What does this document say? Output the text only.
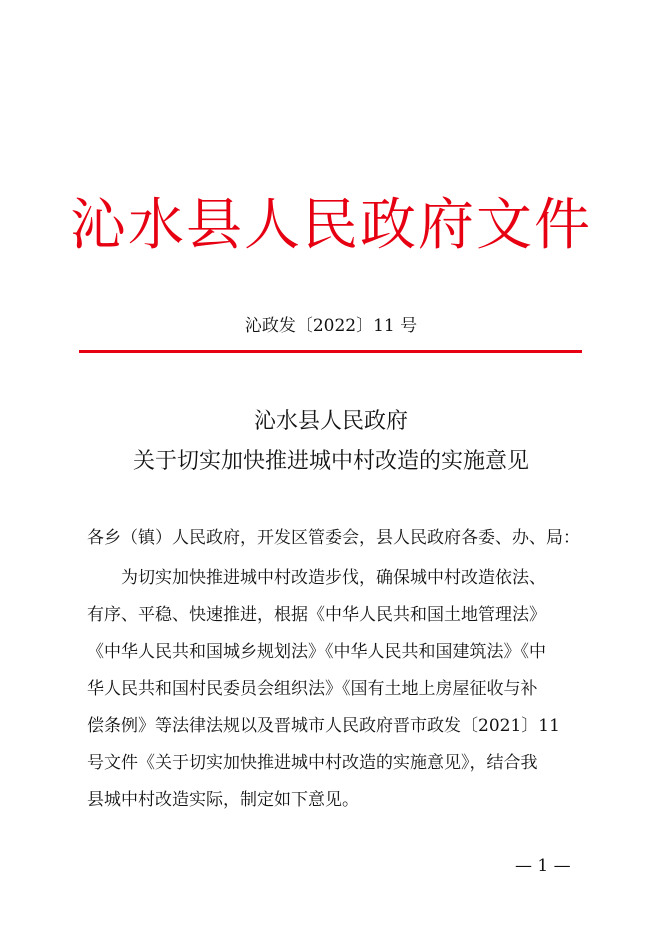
沁水县人民政府文件
沁政发〔2022〕11 号
沁水县人民政府
关于切实加快推进城中村改造的实施意见
各乡（镇）人民政府，开发区管委会，县人民政府各委、办、局：
为切实加快推进城中村改造步伐，确保城中村改造依法、
有序、平稳、快速推进，根据《中华人民共和国土地管理法》
《中华人民共和国城乡规划法》《中华人民共和国建筑法》《中
华人民共和国村民委员会组织法》《国有土地上房屋征收与补
偿条例》等法律法规以及晋城市人民政府晋市政发〔2021〕11
号文件《关于切实加快推进城中村改造的实施意见》，结合我
县城中村改造实际，制定如下意见。
— 1 —
